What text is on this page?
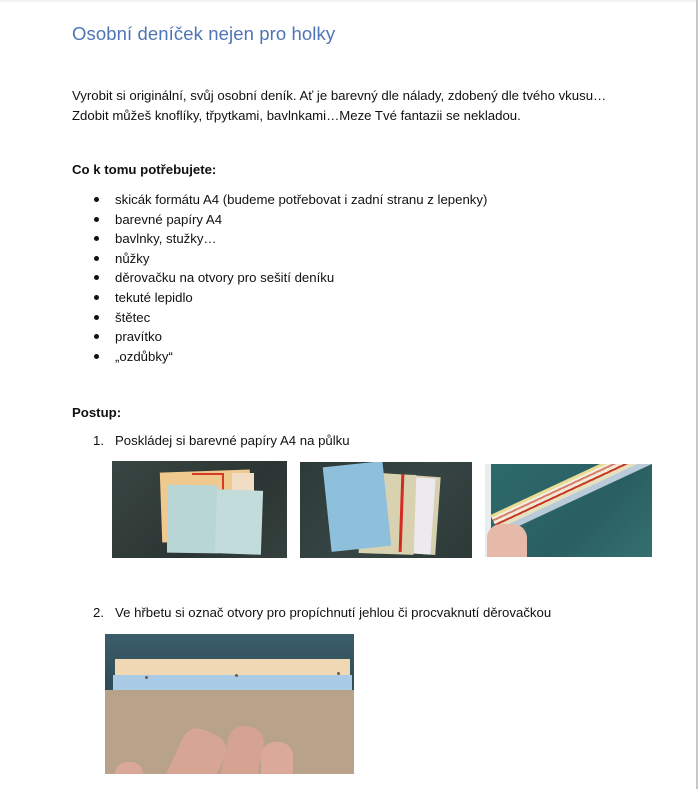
Osobní deníček nejen pro holky
Vyrobit si originální, svůj osobní deník. Ať je barevný dle nálady, zdobený dle tvého vkusu…Zdobit můžeš knoflíky, třpytkami, bavlnkami…Meze Tvé fantazii se nekladou.
Co k tomu potřebujete:
skicák formátu A4 (budeme potřebovat i zadní stranu z lepenky)
barevné papíry A4
bavlnky, stužky…
nůžky
děrovačku na otvory pro sešití deníku
tekuté lepidlo
štětec
pravítko
„ozdůbky“
Postup:
1. Poskládej si barevné papíry A4 na půlku
2. Ve hřbetu si označ otvory pro propíchnutí jehlou či procvaknutí děrovačkou
